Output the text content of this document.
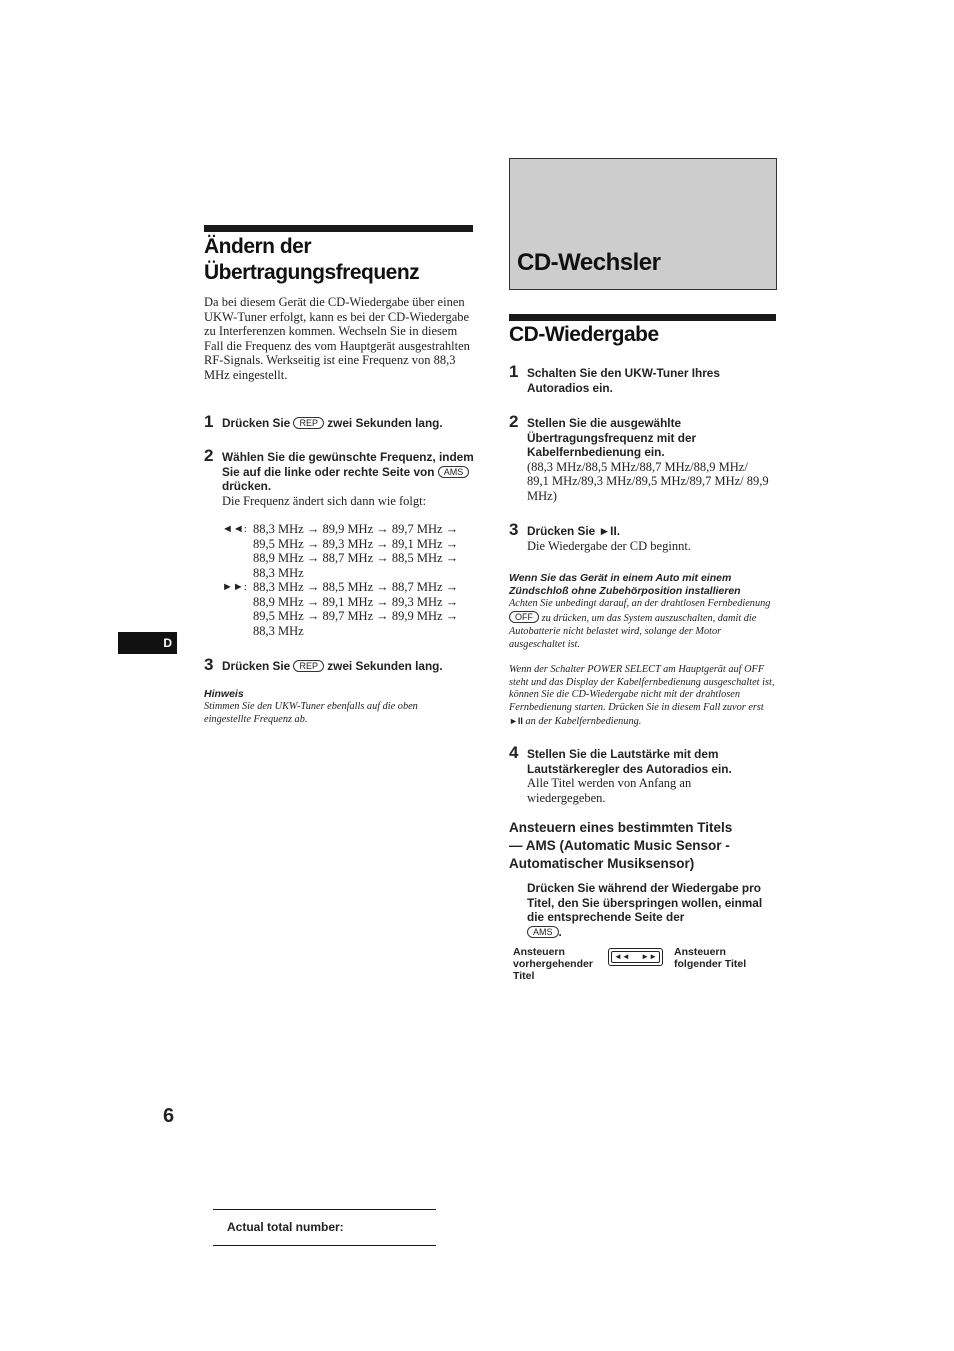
Ändern der
Übertragungsfrequenz
Da bei diesem Gerät die CD-Wiedergabe über einen UKW-Tuner erfolgt, kann es bei der CD-Wiedergabe zu Interferenzen kommen. Wechseln Sie in diesem Fall die Frequenz des vom Hauptgerät ausgestrahlten RF-Signals. Werkseitig ist eine Frequenz von 88,3 MHz eingestellt.
1 Drücken Sie REP zwei Sekunden lang.
2 Wählen Sie die gewünschte Frequenz, indem Sie auf die linke oder rechte Seite von AMS drücken.
Die Frequenz ändert sich dann wie folgt:
◄◄: 88,3 MHz → 89,9 MHz → 89,7 MHz →
89,5 MHz → 89,3 MHz → 89,1 MHz →
88,9 MHz → 88,7 MHz → 88,5 MHz →
88,3 MHz
►►: 88,3 MHz → 88,5 MHz → 88,7 MHz →
88,9 MHz → 89,1 MHz → 89,3 MHz →
89,5 MHz → 89,7 MHz → 89,9 MHz →
88,3 MHz
3 Drücken Sie REP zwei Sekunden lang.
Hinweis
Stimmen Sie den UKW-Tuner ebenfalls auf die oben eingestellte Frequenz ab.
D
6
Actual total number:
CD-Wechsler
CD-Wiedergabe
1 Schalten Sie den UKW-Tuner Ihres Autoradios ein.
2 Stellen Sie die ausgewählte Übertragungsfrequenz mit der Kabelfernbedienung ein.
(88,3 MHz/88,5 MHz/88,7 MHz/88,9 MHz/ 89,1 MHz/89,3 MHz/89,5 MHz/89,7 MHz/ 89,9 MHz)
3 Drücken Sie ►II.
Die Wiedergabe der CD beginnt.
Wenn Sie das Gerät in einem Auto mit einem Zündschloß ohne Zubehörposition installieren
Achten Sie unbedingt darauf, an der drahtlosen Fernbedienung OFF zu drücken, um das System auszuschalten, damit die Autobatterie nicht belastet wird, solange der Motor ausgeschaltet ist.
Wenn der Schalter POWER SELECT am Hauptgerät auf OFF steht und das Display der Kabelfernbedienung ausgeschaltet ist, können Sie die CD-Wiedergabe nicht mit der drahtlosen Fernbedienung starten. Drücken Sie in diesem Fall zuvor erst ►II an der Kabelfernbedienung.
4 Stellen Sie die Lautstärke mit dem Lautstärkeregler des Autoradios ein.
Alle Titel werden von Anfang an wiedergegeben.
Ansteuern eines bestimmten Titels
— AMS (Automatic Music Sensor - Automatischer Musiksensor)
Drücken Sie während der Wiedergabe pro Titel, den Sie überspringen wollen, einmal die entsprechende Seite der
AMS .
Ansteuern vorhergehender Titel
◄◄ ►► Ansteuern folgender Titel
